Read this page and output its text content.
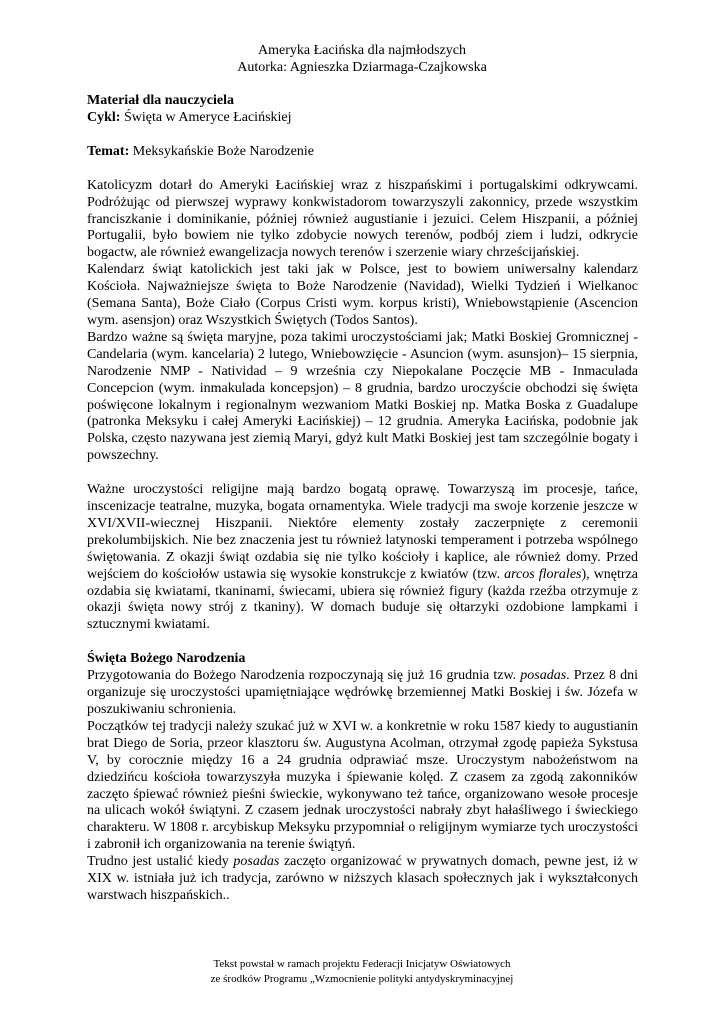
Ameryka Łacińska dla najmłodszych
Autorka: Agnieszka Dziarmaga-Czajkowska

Materiał dla nauczyciela

Cykl: Święta w Ameryce Łacińskiej

Temat: Meksykańskie Boże Narodzenie

Katolicyzm dotarł do Ameryki Łacińskiej wraz z hiszpańskimi i portugalskimi odkrywcami. Podróżując od pierwszej wyprawy konkwistadorom towarzyszyli zakonnicy, przede wszystkim franciszkanie i dominikanie, później również augustianie i jezuici. Celem Hiszpanii, a później Portugalii, było bowiem nie tylko zdobycie nowych terenów, podbój ziem i ludzi, odkrycie bogactw, ale również ewangelizacja nowych terenów i szerzenie wiary chrześcijańskiej.

Kalendarz świąt katolickich jest taki jak w Polsce, jest to bowiem uniwersalny kalendarz Kościoła. Najważniejsze święta to Boże Narodzenie (Navidad), Wielki Tydzień i Wielkanoc (Semana Santa), Boże Ciało (Corpus Cristi wym. korpus kristi), Wniebowstąpienie (Ascencion wym. asensjon) oraz Wszystkich Świętych (Todos Santos).

Bardzo ważne są święta maryjne, poza takimi uroczystościami jak; Matki Boskiej Gromnicznej - Candelaria (wym. kancelaria) 2 lutego, Wniebowzięcie - Asuncion (wym. asunsjon)– 15 sierpnia, Narodzenie NMP - Natividad – 9 września czy Niepokalane Poczęcie MB - Inmaculada Concepcion (wym. inmakulada koncepsjon) – 8 grudnia, bardzo uroczyście obchodzi się święta poświęcone lokalnym i regionalnym wezwaniom Matki Boskiej np. Matka Boska z Guadalupe (patronka Meksyku i całej Ameryki Łacińskiej) – 12 grudnia. Ameryka Łacińska, podobnie jak Polska, często nazywana jest ziemią Maryi, gdyż kult Matki Boskiej jest tam szczególnie bogaty i powszechny.

Ważne uroczystości religijne mają bardzo bogatą oprawę. Towarzyszą im procesje, tańce, inscenizacje teatralne, muzyka, bogata ornamentyka. Wiele tradycji ma swoje korzenie jeszcze w XVI/XVII-wiecznej Hiszpanii. Niektóre elementy zostały zaczerpnięte z ceremonii prekolumbijskich. Nie bez znaczenia jest tu również latynoski temperament i potrzeba wspólnego świętowania. Z okazji świąt ozdabia się nie tylko kościoły i kaplice, ale również domy. Przed wejściem do kościołów ustawia się wysokie konstrukcje z kwiatów (tzw. arcos florales), wnętrza ozdabia się kwiatami, tkaninami, świecami, ubiera się również figury (każda rzeźba otrzymuje z okazji święta nowy strój z tkaniny). W domach buduje się ołtarzyki ozdobione lampkami i sztucznymi kwiatami.

Święta Bożego Narodzenia

Przygotowania do Bożego Narodzenia rozpoczynają się już 16 grudnia tzw. posadas. Przez 8 dni organizuje się uroczystości upamiętniające wędrówkę brzemiennej Matki Boskiej i św. Józefa w poszukiwaniu schronienia.

Początków tej tradycji należy szukać już w XVI w. a konkretnie w roku 1587 kiedy to augustianin brat Diego de Soria, przeor klasztoru św. Augustyna Acolman, otrzymał zgodę papieża Sykstusa V, by corocznie między 16 a 24 grudnia odprawiać msze. Uroczystym nabożeństwom na dziedzińcu kościoła towarzyszyła muzyka i śpiewanie kolęd. Z czasem za zgodą zakonników zaczęto śpiewać również pieśni świeckie, wykonywano też tańce, organizowano wesołe procesje na ulicach wokół świątyni. Z czasem jednak uroczystości nabrały zbyt hałaśliwego i świeckiego charakteru. W 1808 r. arcybiskup Meksyku przypomniał o religijnym wymiarze tych uroczystości i zabronił ich organizowania na terenie świątyń.

Trudno jest ustalić kiedy posadas zaczęto organizować w prywatnych domach, pewne jest, iż w XIX w. istniała już ich tradycja, zarówno w niższych klasach społecznych jak i wykształconych warstwach hiszpańskich..

Tekst powstał w ramach projektu Federacji Inicjatyw Oświatowych
ze środków Programu „Wzmocnienie polityki antydyskryminacyjnej
